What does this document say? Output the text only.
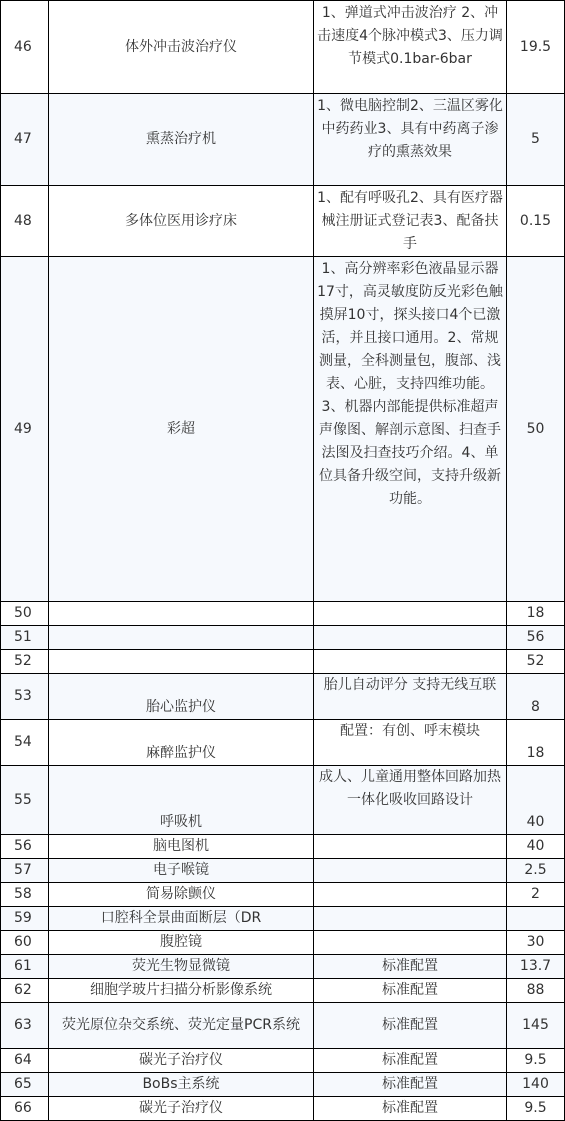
46	体外冲击波治疗仪	1、弹道式冲击波治疗 2、冲击速度4个脉冲模式3、压力调节模式0.1bar-6bar	19.5
47	熏蒸治疗机	1、微电脑控制2、三温区雾化中药药业3、具有中药离子渗疗的熏蒸效果	5
48	多体位医用诊疗床	1、配有呼吸孔2、具有医疗器械注册证式登记表3、配备扶手	0.15
49	彩超	1、高分辨率彩色液晶显示器17寸，高灵敏度防反光彩色触摸屏10寸，探头接口4个已激活，并且接口通用。2、常规测量，全科测量包，腹部、浅表、心脏，支持四维功能。3、机器内部能提供标准超声声像图、解剖示意图、扫查手法图及扫查技巧介绍。4、单位具备升级空间，支持升级新功能。	50
50			18
51			56
52			52
53	胎心监护仪	胎儿自动评分 支持无线互联	8
54	麻醉监护仪	配置：有创、呼末模块	18
55	呼吸机	成人、儿童通用整体回路加热一体化吸收回路设计	40
56	脑电图机		40
57	电子喉镜		2.5
58	简易除颤仪		2
59	口腔科全景曲面断层（DR		
60	腹腔镜		30
61	荧光生物显微镜	标准配置	13.7
62	细胞学玻片扫描分析影像系统	标准配置	88
63	荧光原位杂交系统、荧光定量PCR系统	标准配置	145
64	碳光子治疗仪	标准配置	9.5
65	BoBs主系统	标准配置	140
66	碳光子治疗仪	标准配置	9.5
